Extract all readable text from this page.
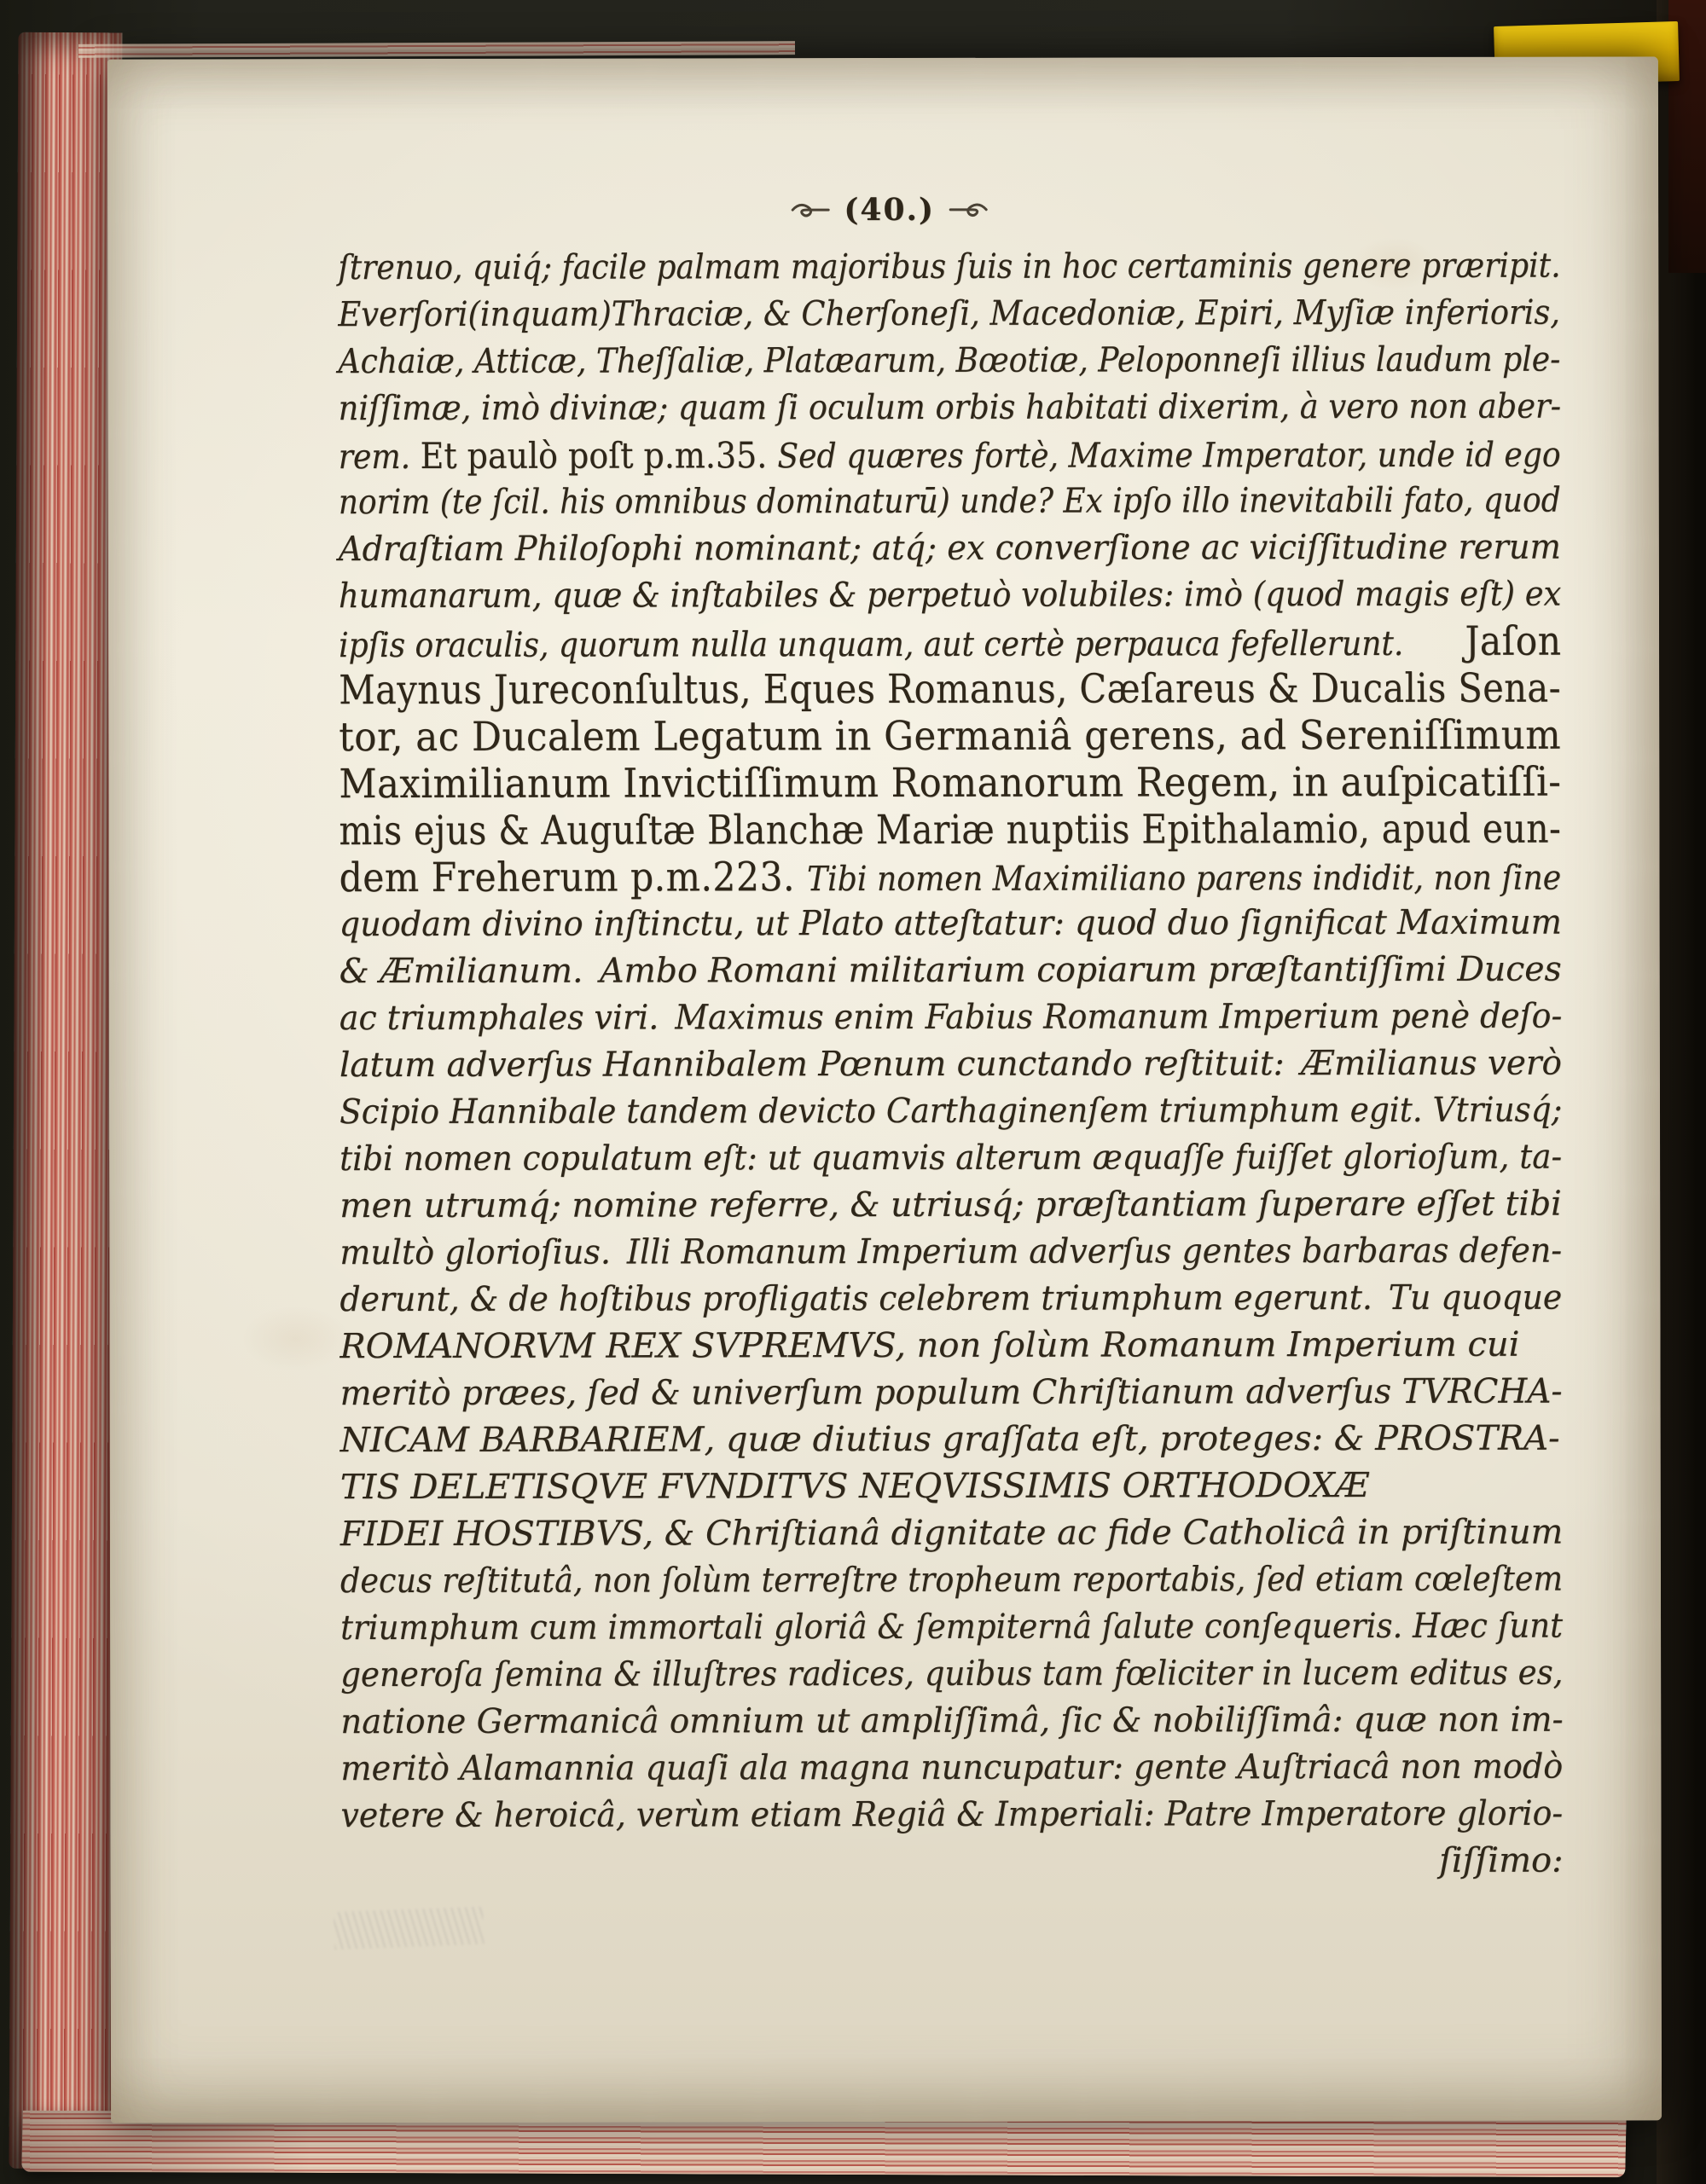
(40.)
ſtrenuo, quiq́; facile palmam majoribus ſuis in hoc certaminis genere præripit.
Everſori(inquam)Thraciæ, & Cherſoneſi, Macedoniæ, Epiri, Myſiæ inferioris,
Achaiæ, Atticæ, Theſſaliæ, Platæarum, Bœotiæ, Peloponneſi illius laudum ple-
niſſimæ, imò divinæ; quam ſi oculum orbis habitati dixerim, à vero non aber-
rem. Et paulò poſt p.m.35. Sed quæres fortè, Maxime Imperator, unde id ego
norim (te ſcil. his omnibus dominaturū) unde? Ex ipſo illo inevitabili fato, quod
Adraſtiam Philoſophi nominant; atq́; ex converſione ac viciſſitudine rerum
humanarum, quæ & inſtabiles & perpetuò volubiles: imò (quod magis eſt) ex
ipſis oraculis, quorum nulla unquam, aut certè perpauca fefellerunt.  Jaſon
Maynus Jureconſultus, Eques Romanus, Cæſareus & Ducalis Sena-
tor, ac Ducalem Legatum in Germaniâ gerens, ad Sereniſſimum
Maximilianum Invictiſſimum Romanorum Regem, in auſpicatiſſi-
mis ejus & Auguſtæ Blanchæ Mariæ nuptiis Epithalamio, apud eun-
dem Freherum p.m.223. Tibi nomen Maximiliano parens indidit, non ſine
quodam divino inſtinctu, ut Plato atteſtatur: quod duo ſignificat Maximum
& Æmilianum. Ambo Romani militarium copiarum præſtantiſſimi Duces
ac triumphales viri. Maximus enim Fabius Romanum Imperium penè deſo-
latum adverſus Hannibalem Pœnum cunctando reſtituit: Æmilianus verò
Scipio Hannibale tandem devicto Carthaginenſem triumphum egit. Vtriusq́;
tibi nomen copulatum eſt: ut quamvis alterum æquaſſe fuiſſet glorioſum, ta-
men utrumq́; nomine referre, & utriusq́; præſtantiam ſuperare eſſet tibi
multò glorioſius. Illi Romanum Imperium adverſus gentes barbaras defen-
derunt, & de hoſtibus profligatis celebrem triumphum egerunt. Tu quoque
ROMANORVM REX SVPREMVS, non ſolùm Romanum Imperium cui
meritò præes, ſed & univerſum populum Chriſtianum adverſus TVRCHA-
NICAM BARBARIEM, quæ diutius graſſata eſt, proteges: & PROSTRA-
TIS DELETISQVE FVNDITVS NEQVISSIMIS ORTHODOXÆ
FIDEI HOSTIBVS, & Chriſtianâ dignitate ac fide Catholicâ in priſtinum
decus reſtitutâ, non ſolùm terreſtre tropheum reportabis, ſed etiam cœleſtem
triumphum cum immortali gloriâ & ſempiternâ ſalute conſequeris. Hæc ſunt
generoſa ſemina & illuſtres radices, quibus tam fœliciter in lucem editus es,
natione Germanicâ omnium ut ampliſſimâ, ſic & nobiliſſimâ: quæ non im-
meritò Alamannia quaſi ala magna nuncupatur: gente Auſtriacâ non modò
vetere & heroicâ, verùm etiam Regiâ & Imperiali: Patre Imperatore glorio-
ſiſſimo:
